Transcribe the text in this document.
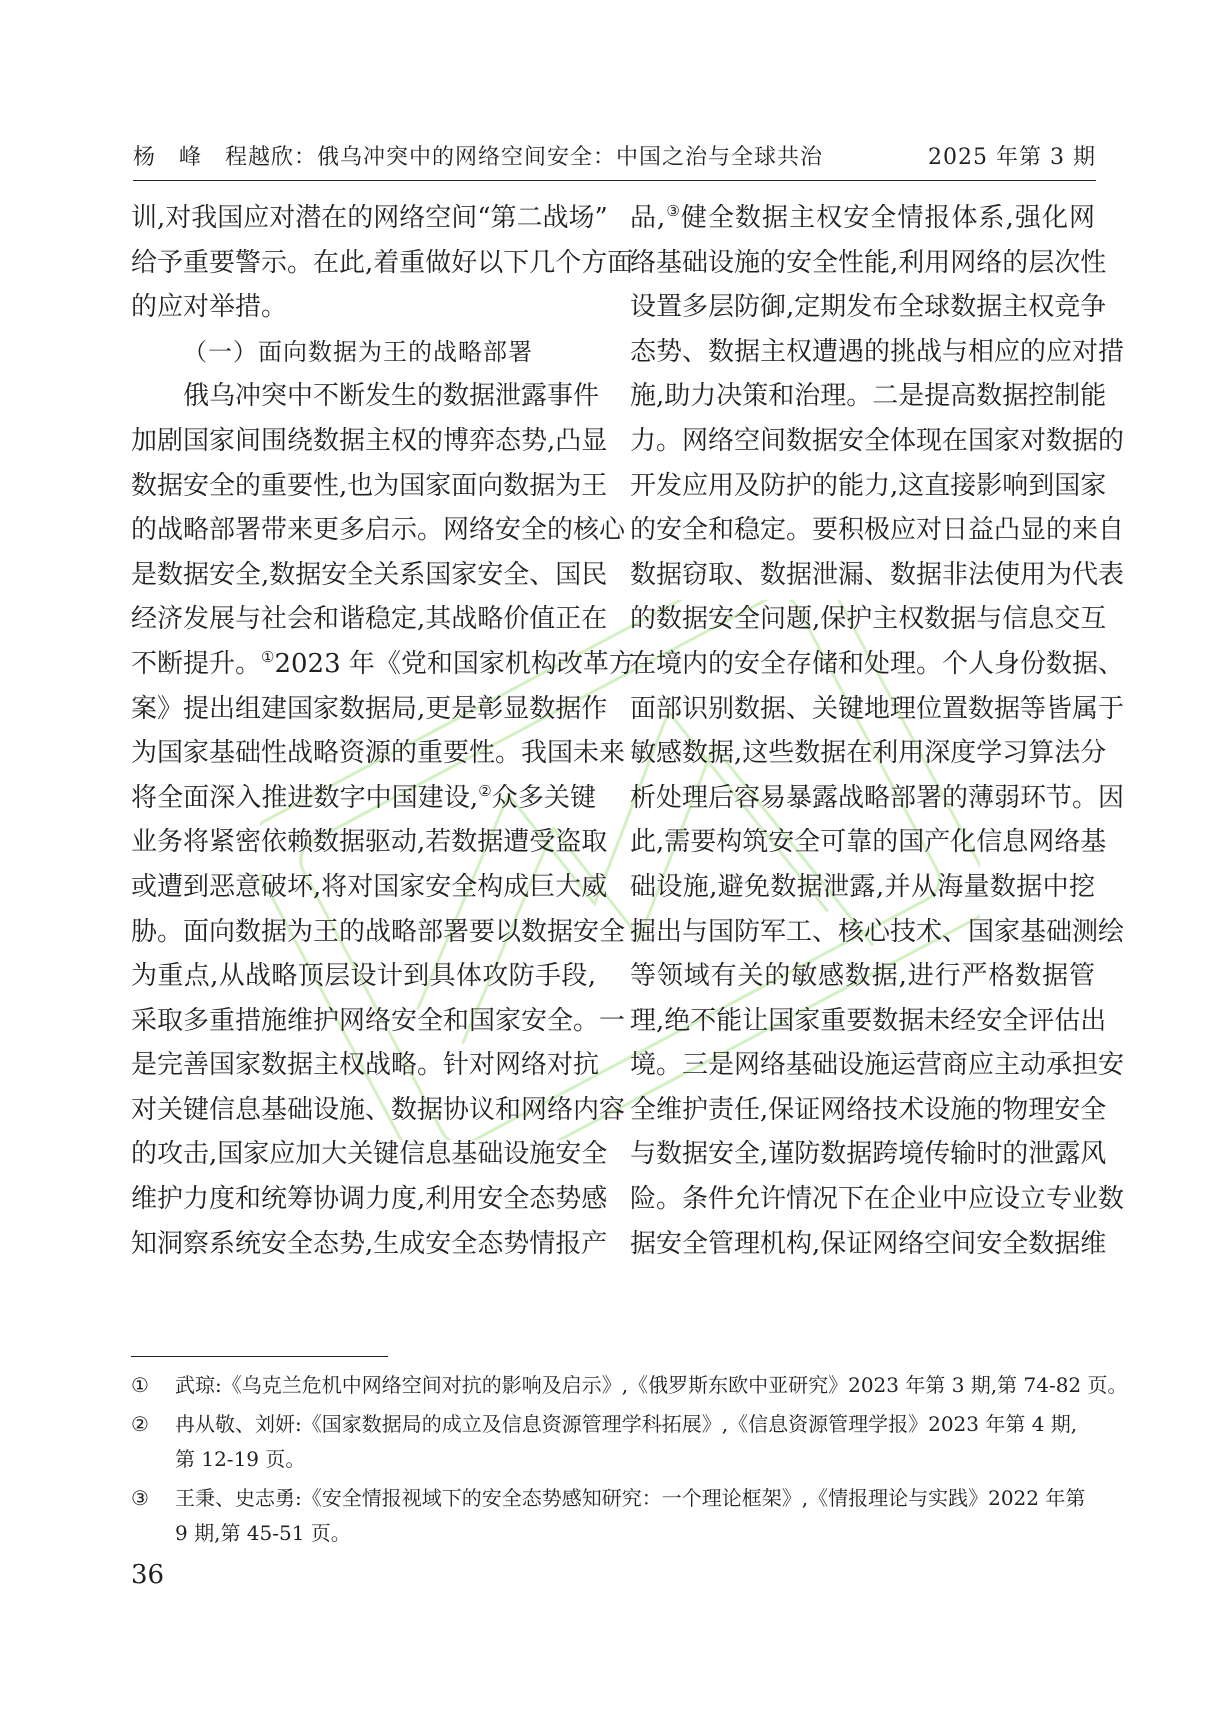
杨　峰　程越欣：俄乌冲突中的网络空间安全：中国之治与全球共治	2025 年第 3 期
训,对我国应对潜在的网络空间“第二战场”
给予重要警示。在此,着重做好以下几个方面
的应对举措。
（一）面向数据为王的战略部署
俄乌冲突中不断发生的数据泄露事件
加剧国家间围绕数据主权的博弈态势,凸显
数据安全的重要性,也为国家面向数据为王
的战略部署带来更多启示。网络安全的核心
是数据安全,数据安全关系国家安全、国民
经济发展与社会和谐稳定,其战略价值正在
不断提升。①2023 年《党和国家机构改革方
案》提出组建国家数据局,更是彰显数据作
为国家基础性战略资源的重要性。我国未来
将全面深入推进数字中国建设,②众多关键
业务将紧密依赖数据驱动,若数据遭受盗取
或遭到恶意破坏,将对国家安全构成巨大威
胁。面向数据为王的战略部署要以数据安全
为重点,从战略顶层设计到具体攻防手段,
采取多重措施维护网络安全和国家安全。一
是完善国家数据主权战略。针对网络对抗
对关键信息基础设施、数据协议和网络内容
的攻击,国家应加大关键信息基础设施安全
维护力度和统筹协调力度,利用安全态势感
知洞察系统安全态势,生成安全态势情报产
品,③健全数据主权安全情报体系,强化网
络基础设施的安全性能,利用网络的层次性
设置多层防御,定期发布全球数据主权竞争
态势、数据主权遭遇的挑战与相应的应对措
施,助力决策和治理。二是提高数据控制能
力。网络空间数据安全体现在国家对数据的
开发应用及防护的能力,这直接影响到国家
的安全和稳定。要积极应对日益凸显的来自
数据窃取、数据泄漏、数据非法使用为代表
的数据安全问题,保护主权数据与信息交互
在境内的安全存储和处理。个人身份数据、
面部识别数据、关键地理位置数据等皆属于
敏感数据,这些数据在利用深度学习算法分
析处理后容易暴露战略部署的薄弱环节。因
此,需要构筑安全可靠的国产化信息网络基
础设施,避免数据泄露,并从海量数据中挖
掘出与国防军工、核心技术、国家基础测绘
等领域有关的敏感数据,进行严格数据管
理,绝不能让国家重要数据未经安全评估出
境。三是网络基础设施运营商应主动承担安
全维护责任,保证网络技术设施的物理安全
与数据安全,谨防数据跨境传输时的泄露风
险。条件允许情况下在企业中应设立专业数
据安全管理机构,保证网络空间安全数据维
①	武琼:《乌克兰危机中网络空间对抗的影响及启示》,《俄罗斯东欧中亚研究》2023 年第 3 期,第 74-82 页。
②	冉从敬、刘妍:《国家数据局的成立及信息资源管理学科拓展》,《信息资源管理学报》2023 年第 4 期,
第 12-19 页。
③	王秉、史志勇:《安全情报视域下的安全态势感知研究：一个理论框架》,《情报理论与实践》2022 年第
9 期,第 45-51 页。
36
